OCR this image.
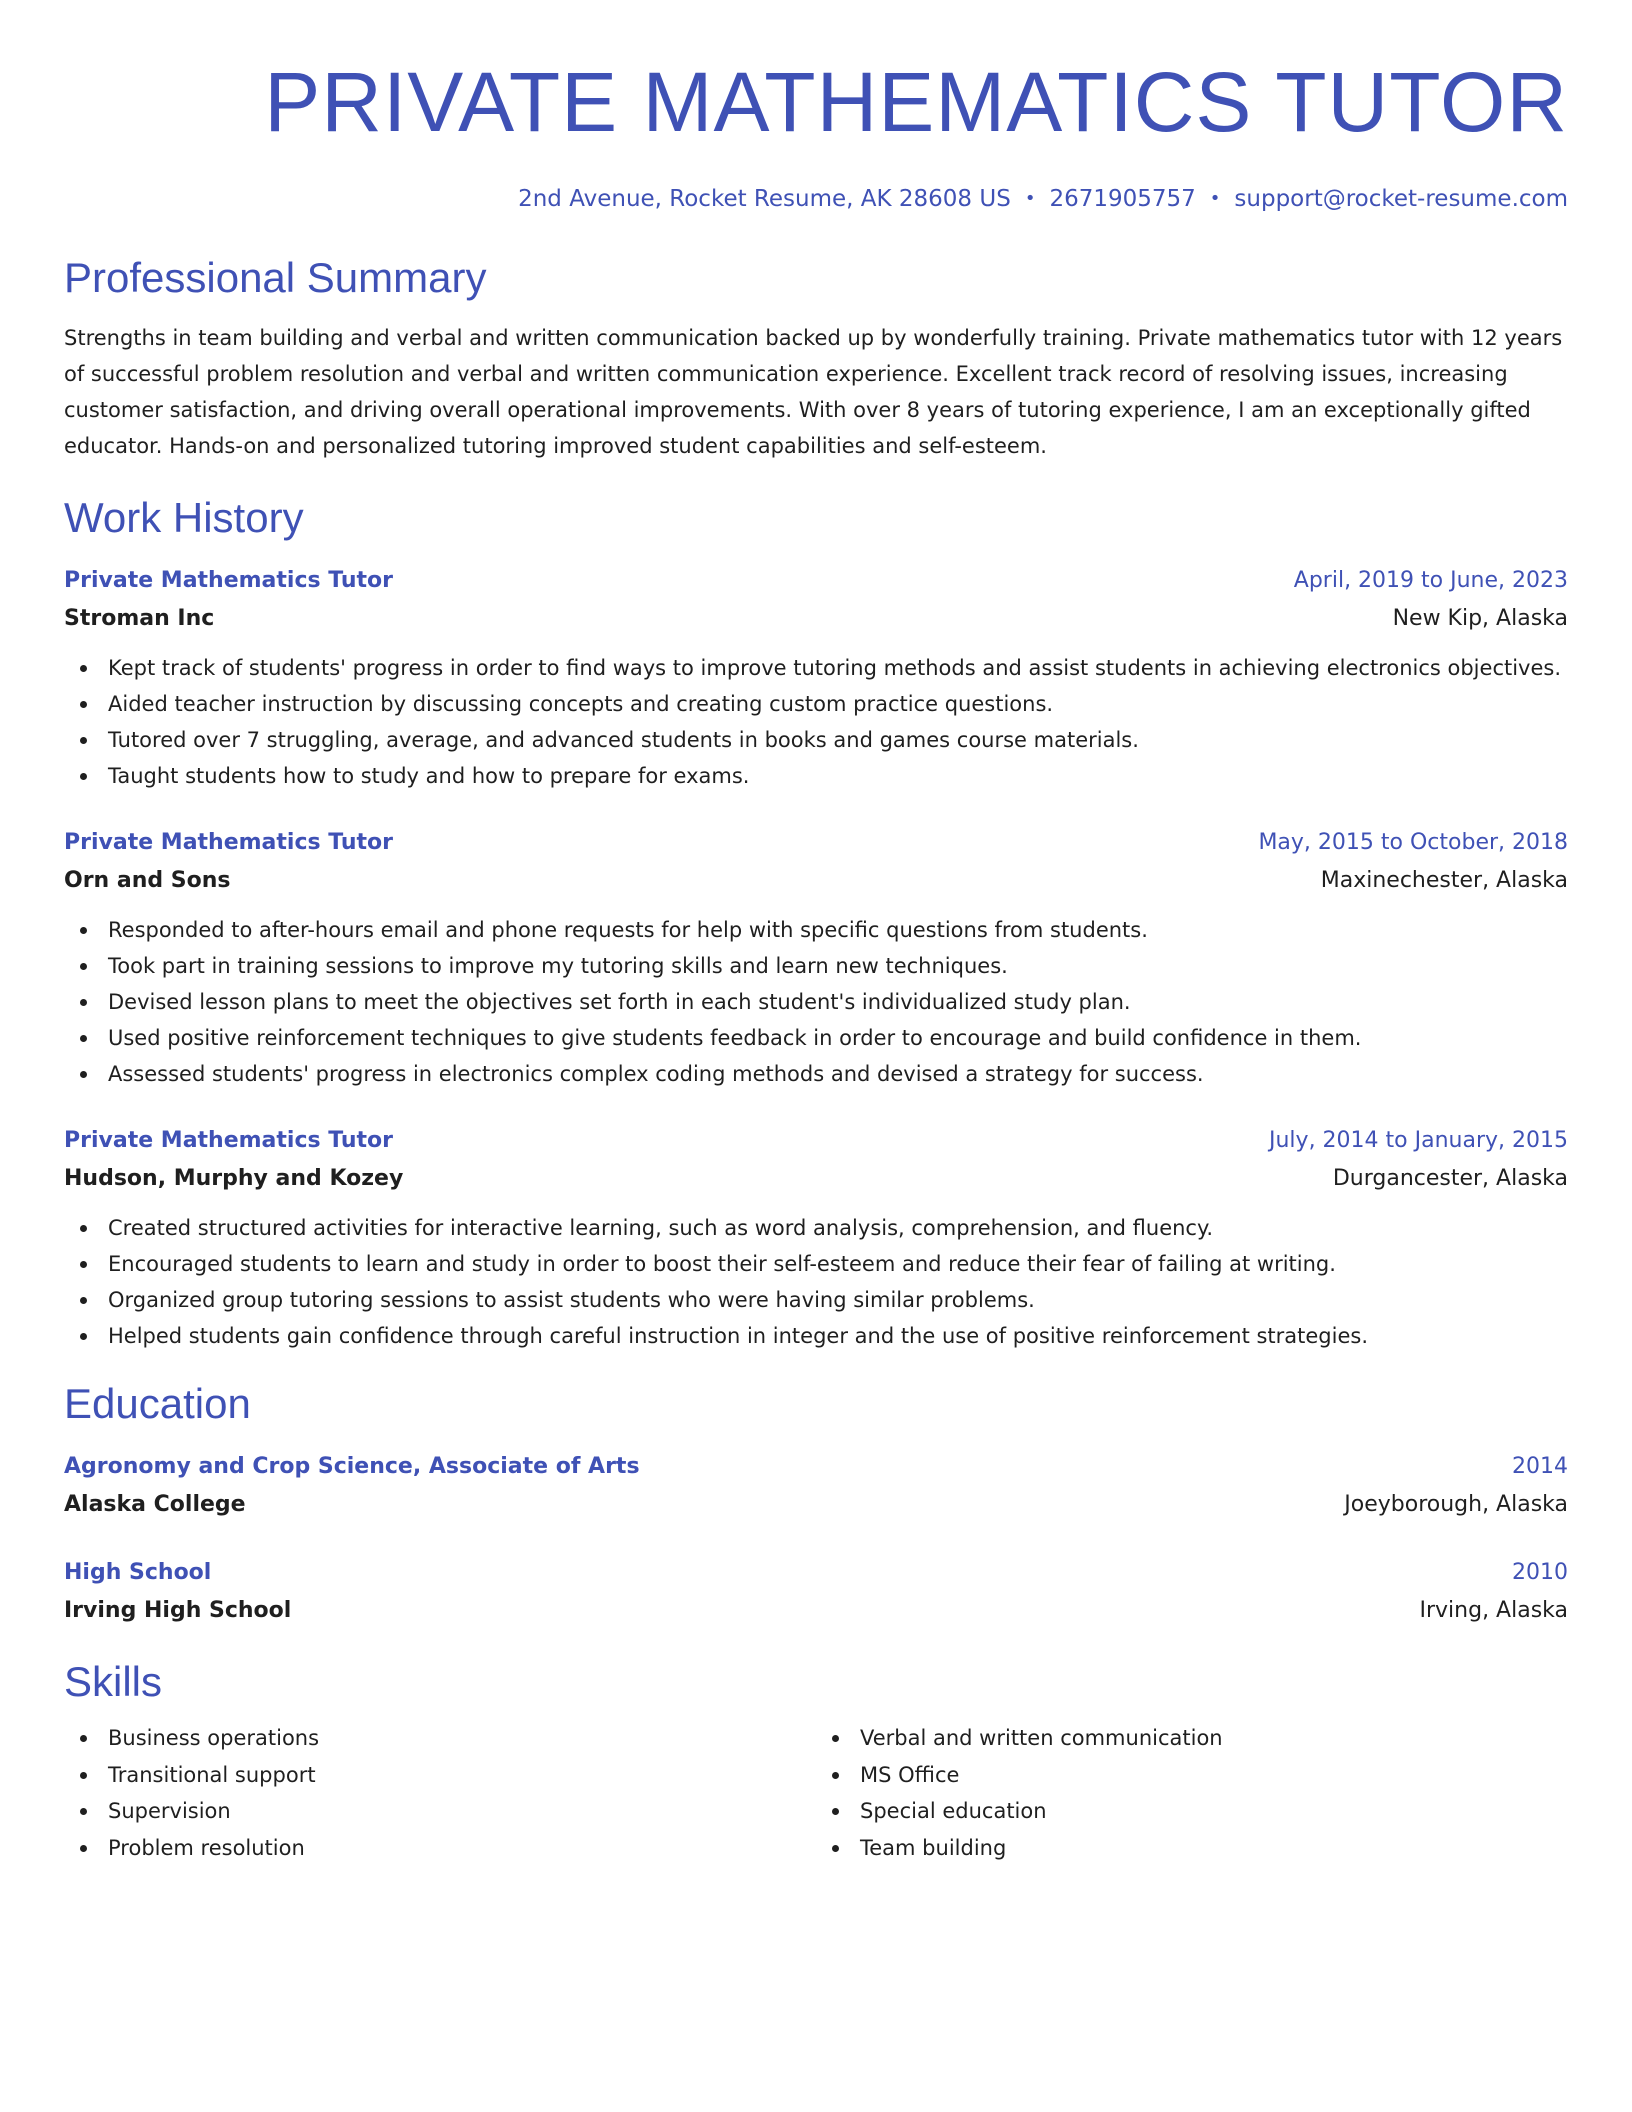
PRIVATE MATHEMATICS TUTOR
2nd Avenue, Rocket Resume, AK 28608 US • 2671905757 • support@rocket-resume.com
Professional Summary
Strengths in team building and verbal and written communication backed up by wonderfully training. Private mathematics tutor with 12 years of successful problem resolution and verbal and written communication experience. Excellent track record of resolving issues, increasing customer satisfaction, and driving overall operational improvements. With over 8 years of tutoring experience, I am an exceptionally gifted educator. Hands-on and personalized tutoring improved student capabilities and self-esteem.
Work History
Private Mathematics Tutor	April, 2019 to June, 2023
Stroman Inc	New Kip, Alaska
Kept track of students' progress in order to find ways to improve tutoring methods and assist students in achieving electronics objectives.
Aided teacher instruction by discussing concepts and creating custom practice questions.
Tutored over 7 struggling, average, and advanced students in books and games course materials.
Taught students how to study and how to prepare for exams.
Private Mathematics Tutor	May, 2015 to October, 2018
Orn and Sons	Maxinechester, Alaska
Responded to after-hours email and phone requests for help with specific questions from students.
Took part in training sessions to improve my tutoring skills and learn new techniques.
Devised lesson plans to meet the objectives set forth in each student's individualized study plan.
Used positive reinforcement techniques to give students feedback in order to encourage and build confidence in them.
Assessed students' progress in electronics complex coding methods and devised a strategy for success.
Private Mathematics Tutor	July, 2014 to January, 2015
Hudson, Murphy and Kozey	Durgancester, Alaska
Created structured activities for interactive learning, such as word analysis, comprehension, and fluency.
Encouraged students to learn and study in order to boost their self-esteem and reduce their fear of failing at writing.
Organized group tutoring sessions to assist students who were having similar problems.
Helped students gain confidence through careful instruction in integer and the use of positive reinforcement strategies.
Education
Agronomy and Crop Science, Associate of Arts	2014
Alaska College	Joeyborough, Alaska
High School	2010
Irving High School	Irving, Alaska
Skills
Business operations
Transitional support
Supervision
Problem resolution
Verbal and written communication
MS Office
Special education
Team building
